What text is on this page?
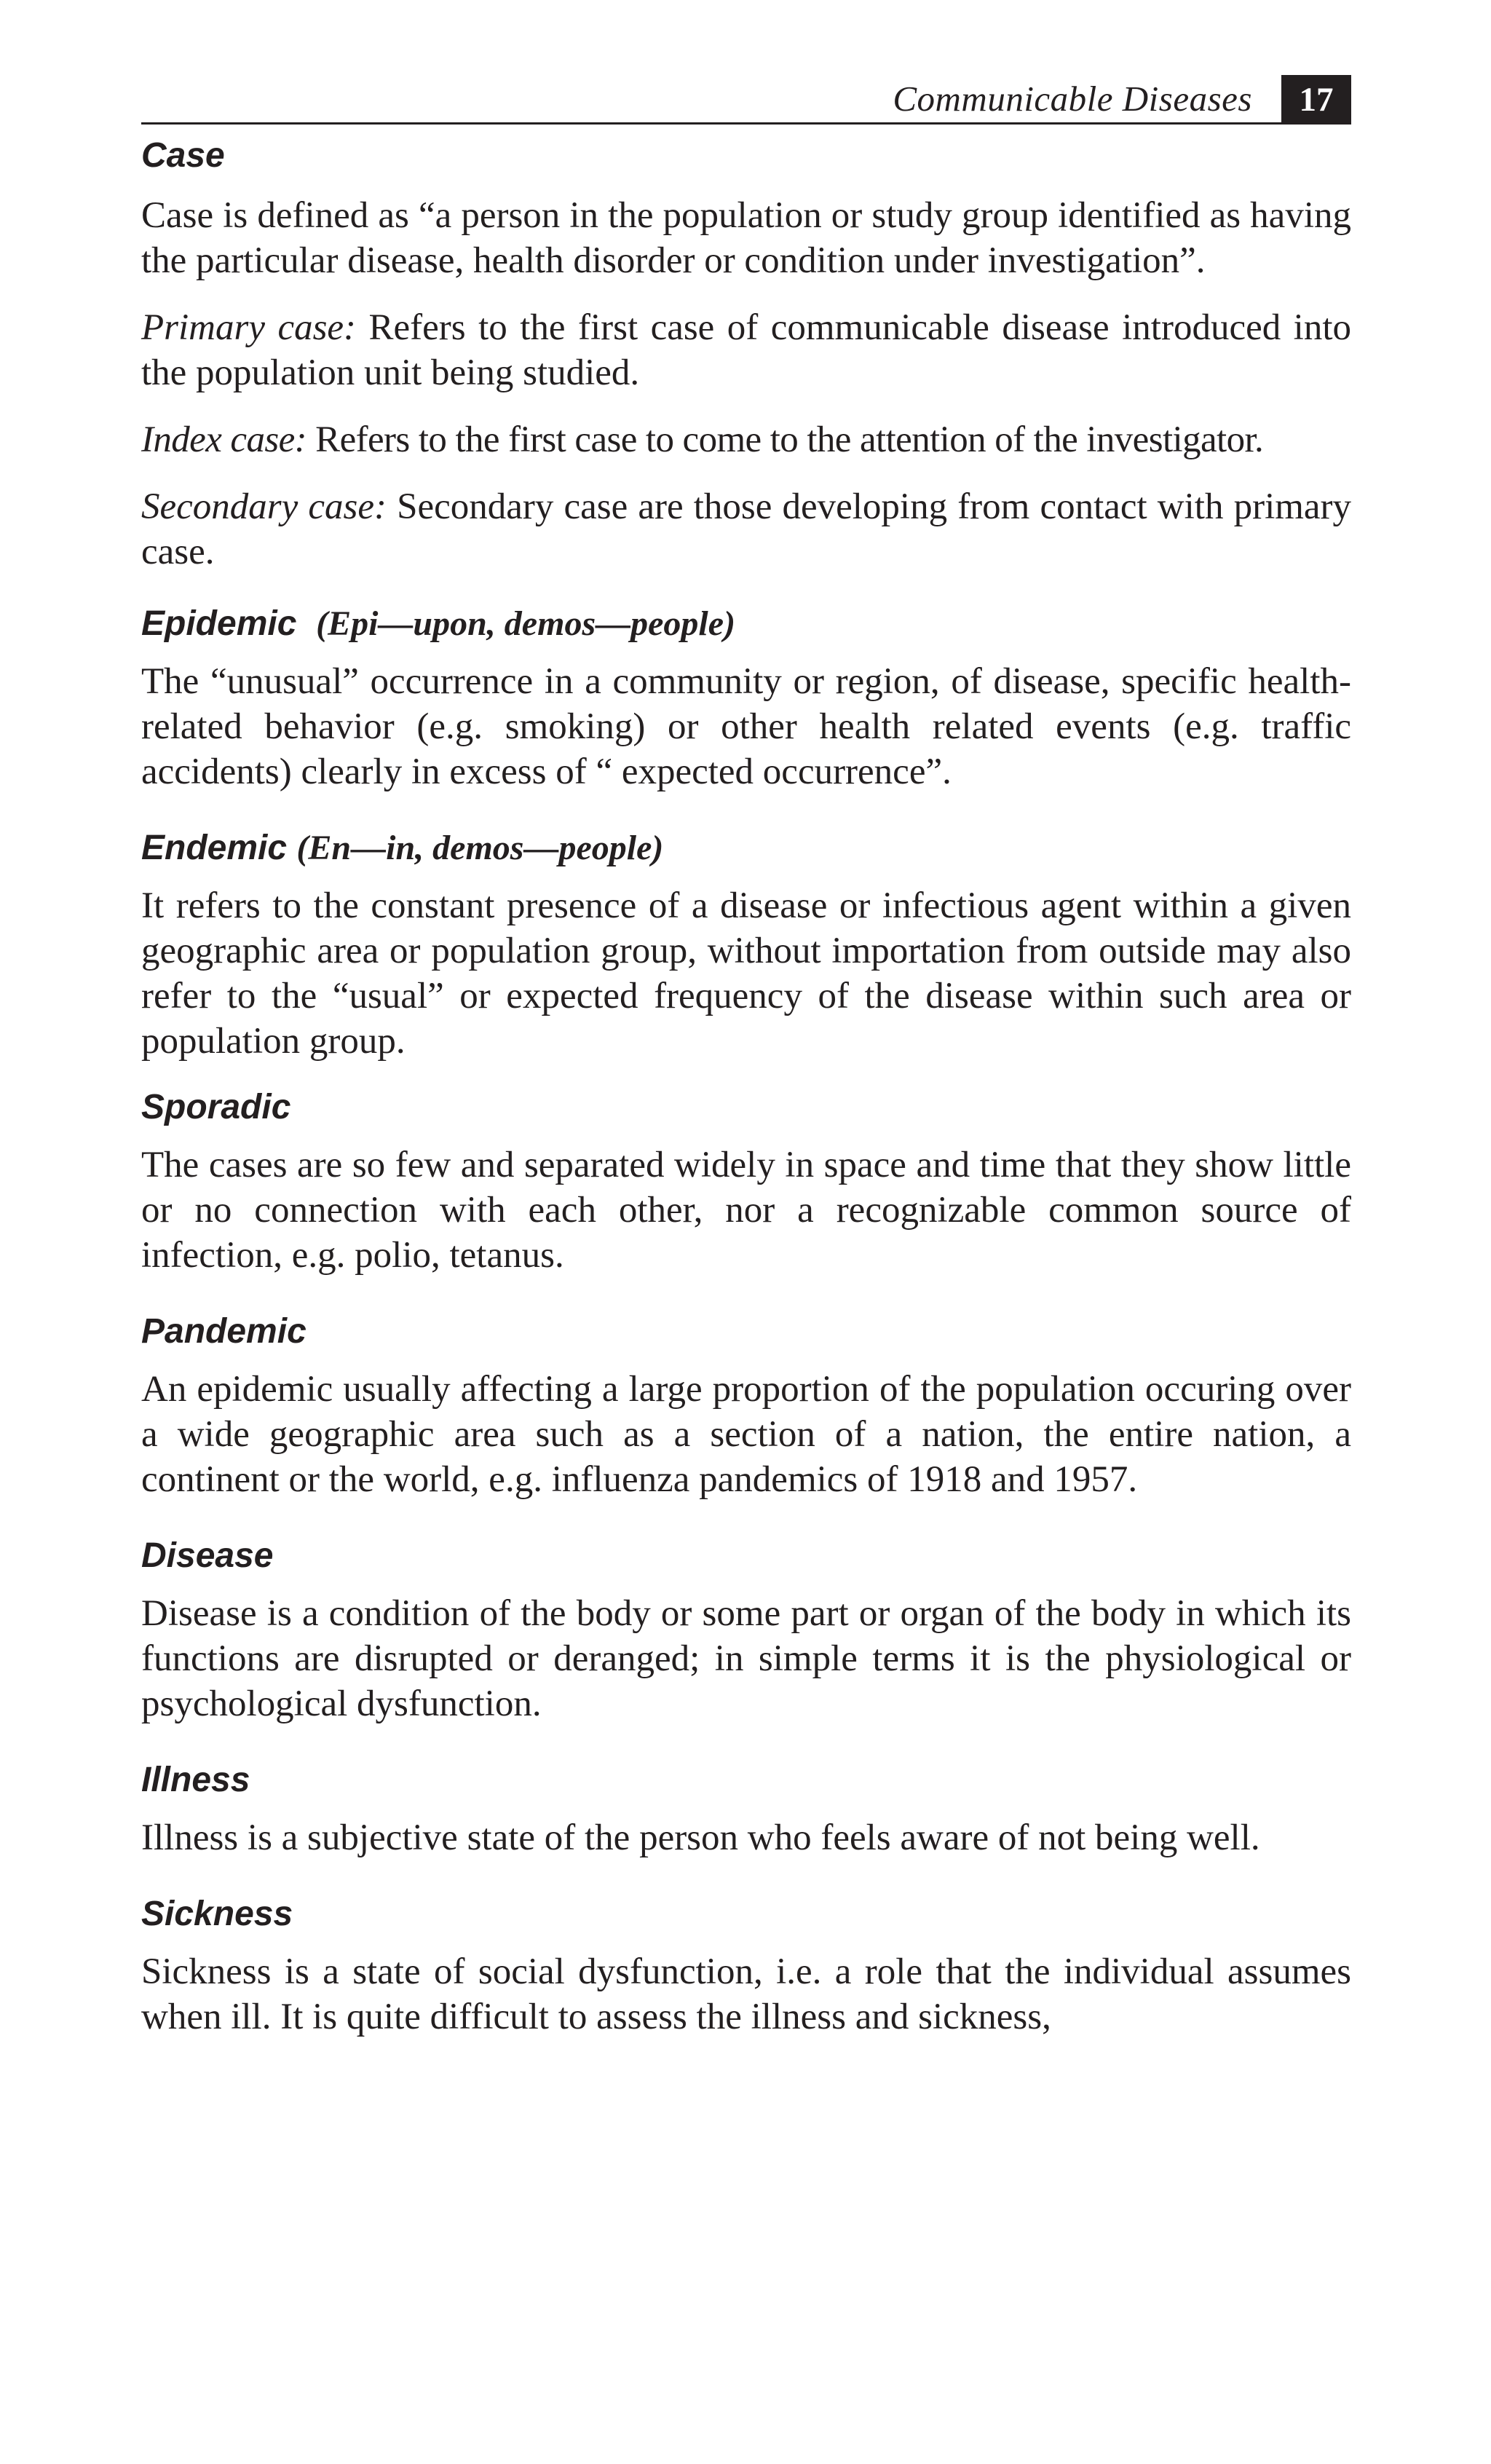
Communicable Diseases	17
Case

Case is defined as “a person in the population or study group identified as having the particular disease, health disorder or condition under investigation”.

Primary case: Refers to the first case of communicable disease introduced into the population unit being studied.

Index case: Refers to the first case to come to the attention of the investigator.

Secondary case: Secondary case are those developing from contact with primary case.

Epidemic (Epi—upon, demos—people)

The “unusual” occurrence in a community or region, of disease, specific health-related behavior (e.g. smoking) or other health related events (e.g. traffic accidents) clearly in excess of “ expected occurrence”.

Endemic (En—in, demos—people)

It refers to the constant presence of a disease or infectious agent within a given geographic area or population group, without importation from outside may also refer to the “usual” or expected frequency of the disease within such area or population group.

Sporadic

The cases are so few and separated widely in space and time that they show little or no connection with each other, nor a recognizable common source of infection, e.g. polio, tetanus.

Pandemic

An epidemic usually affecting a large proportion of the population occuring over a wide geographic area such as a section of a nation, the entire nation, a continent or the world, e.g. influenza pandemics of 1918 and 1957.

Disease

Disease is a condition of the body or some part or organ of the body in which its functions are disrupted or deranged; in simple terms it is the physiological or psychological dysfunction.

Illness

Illness is a subjective state of the person who feels aware of not being well.

Sickness

Sickness is a state of social dysfunction, i.e. a role that the individual assumes when ill. It is quite difficult to assess the illness and sickness,
